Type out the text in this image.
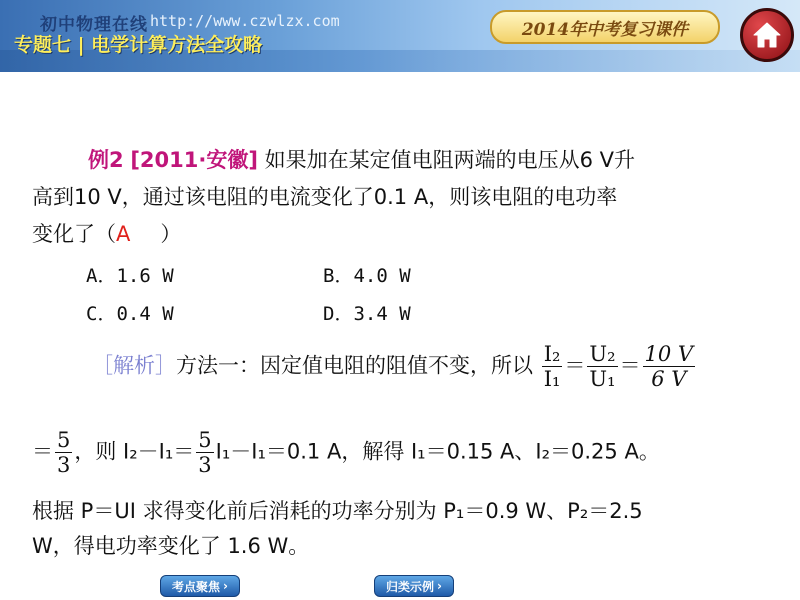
初中物理在线 http://www.czwlzx.com
专题七 | 电学计算方法全攻略
2014年中考复习课件
例2 [2011·安徽] 如果加在某定值电阻两端的电压从6 V升
高到10 V，通过该电阻的电流变化了0.1 A，则该电阻的电功率
变化了（A ）
A．1.6 W	B．4.0 W
C．0.4 W	D．3.4 W
［解析］方法一：因定值电阻的阻值不变，所以 $\frac{\text{I₂}}{\text{I₁}} = \frac{\text{U₂}}{\text{U₁}} = \frac{10 V}{6 V}$
＝ $\frac{5}{3}$ ，则 $I_2-I_1= \frac{5}{3} I_1-I_1=0.1$ A，解得 I₁＝0.15 A、I₂＝0.25 A。
根据 P＝UI 求得变化前后消耗的功率分别为 P₁＝0.9 W、P₂＝2.5
W，得电功率变化了 1.6 W。
考点聚焦 ›	归类示例 ›
